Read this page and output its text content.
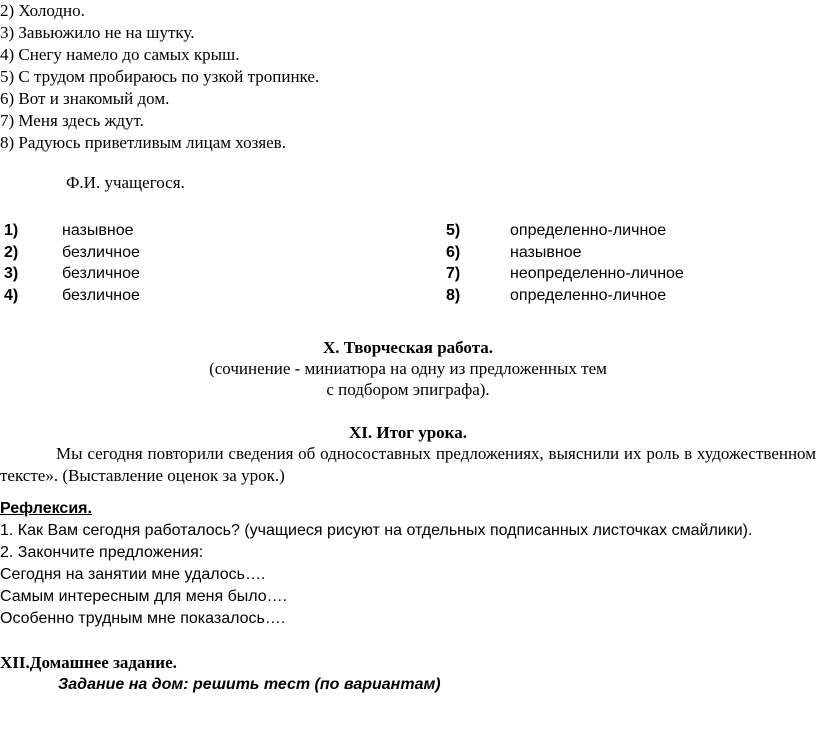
2) Холодно.
3) Завьюжило не на шутку.
4) Снегу намело до самых крыш.
5) С трудом пробираюсь по узкой тропинке.
6) Вот и знакомый дом.
7) Меня здесь ждут.
8) Радуюсь приветливым лицам хозяев.
Ф.И. учащегося.
1)	назывное	5)	определенно-личное
2)	безличное	6)	назывное
3)	безличное	7)	неопределенно-личное
4)	безличное	8)	определенно-личное
X. Творческая работа.
(сочинение - миниатюра на одну из предложенных тем
с подбором эпиграфа).
XI. Итог урока.

Мы сегодня повторили сведения об односоставных предложениях, выяснили их роль в художественном тексте». (Выставление оценок за урок.)

Рефлексия.
1. Как Вам сегодня работалось? (учащиеся рисуют на отдельных подписанных листочках смайлики).
2. Закончите предложения:
Сегодня на занятии мне удалось….
Самым интересным для меня было….
Особенно трудным мне показалось….
XII.Домашнее задание.
Задание на дом: решить тест (по вариантам)
